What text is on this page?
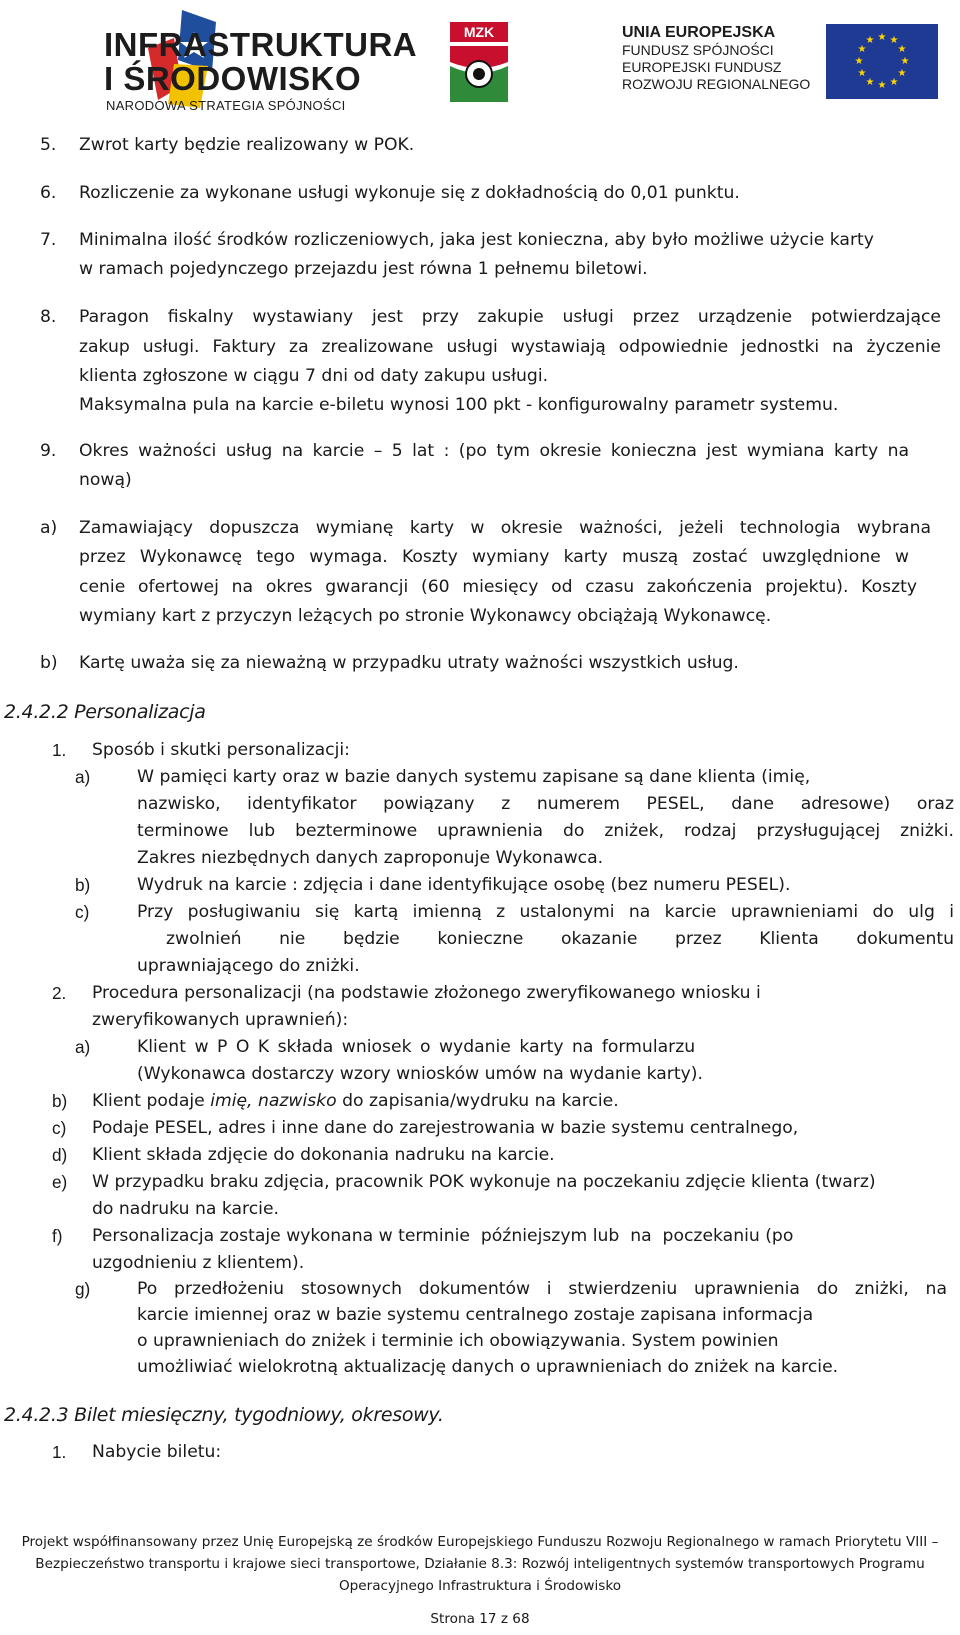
INFRASTRUKTURA
I ŚRODOWISKO
NARODOWA STRATEGIA SPÓJNOŚCI
MZK	UNIA EUROPEJSKA
FUNDUSZ SPÓJNOŚCI
EUROPEJSKI FUNDUSZ
ROZWOJU REGIONALNEGO
★ ★
★
★
★
★
★
★
★
★
★
★
5. Zwrot karty będzie realizowany w POK.
6. Rozliczenie za wykonane usługi wykonuje się z dokładnością do 0,01 punktu.
7. Minimalna ilość środków rozliczeniowych, jaka jest konieczna, aby było możliwe użycie karty
w ramach pojedynczego przejazdu jest równa 1 pełnemu biletowi.
8. Paragon fiskalny wystawiany jest przy zakupie usługi przez urządzenie potwierdzające
zakup usługi. Faktury za zrealizowane usługi wystawiają odpowiednie jednostki na życzenie
klienta zgłoszone w ciągu 7 dni od daty zakupu usługi.
Maksymalna pula na karcie e-biletu wynosi 100 pkt - konfigurowalny parametr systemu.
9. Okres ważności usług na karcie – 5 lat : (po tym okresie konieczna jest wymiana karty na
nową)
a) Zamawiający dopuszcza wymianę karty w okresie ważności, jeżeli technologia wybrana
przez Wykonawcę tego wymaga. Koszty wymiany karty muszą zostać uwzględnione w
cenie ofertowej na okres gwarancji (60 miesięcy od czasu zakończenia projektu). Koszty
wymiany kart z przyczyn leżących po stronie Wykonawcy obciążają Wykonawcę.
b) Kartę uważa się za nieważną w przypadku utraty ważności wszystkich usług.
2.4.2.2 Personalizacja
1. Sposób i skutki personalizacji:
a)	W pamięci karty oraz w bazie danych systemu zapisane są dane klienta (imię,
nazwisko, identyfikator powiązany z numerem PESEL, dane adresowe) oraz
terminowe lub bezterminowe uprawnienia do zniżek, rodzaj przysługującej zniżki.
Zakres niezbędnych danych zaproponuje Wykonawca.
b)	Wydruk na karcie : zdjęcia i dane identyfikujące osobę (bez numeru PESEL).
c)	Przy posługiwaniu się kartą imienną z ustalonymi na karcie uprawnieniami do ulg i
zwolnień nie będzie konieczne okazanie przez Klienta dokumentu
uprawniającego do zniżki.
2. Procedura personalizacji (na podstawie złożonego zweryfikowanego wniosku i
zweryfikowanych uprawnień):
a)	Klient w P O K składa wniosek o wydanie karty na formularzu
(Wykonawca dostarczy wzory wniosków umów na wydanie karty).
b) Klient podaje imię, nazwisko do zapisania/wydruku na karcie.
c) Podaje PESEL, adres i inne dane do zarejestrowania w bazie systemu centralnego,
d) Klient składa zdjęcie do dokonania nadruku na karcie.
e) W przypadku braku zdjęcia, pracownik POK wykonuje na poczekaniu zdjęcie klienta (twarz)
do nadruku na karcie.
f) Personalizacja zostaje wykonana w terminie  późniejszym lub  na  poczekaniu (po
uzgodnieniu z klientem).
g)	Po przedłożeniu stosownych dokumentów i stwierdzeniu uprawnienia do zniżki, na
karcie imiennej oraz w bazie systemu centralnego zostaje zapisana informacja
o uprawnieniach do zniżek i terminie ich obowiązywania. System powinien
umożliwiać wielokrotną aktualizację danych o uprawnieniach do zniżek na karcie.
2.4.2.3 Bilet miesięczny, tygodniowy, okresowy.
1. Nabycie biletu:
Projekt współfinansowany przez Unię Europejską ze środków Europejskiego Funduszu Rozwoju Regionalnego w ramach Priorytetu VIII –
Bezpieczeństwo transportu i krajowe sieci transportowe, Działanie 8.3: Rozwój inteligentnych systemów transportowych Programu
Operacyjnego Infrastruktura i Środowisko
Strona 17 z 68
